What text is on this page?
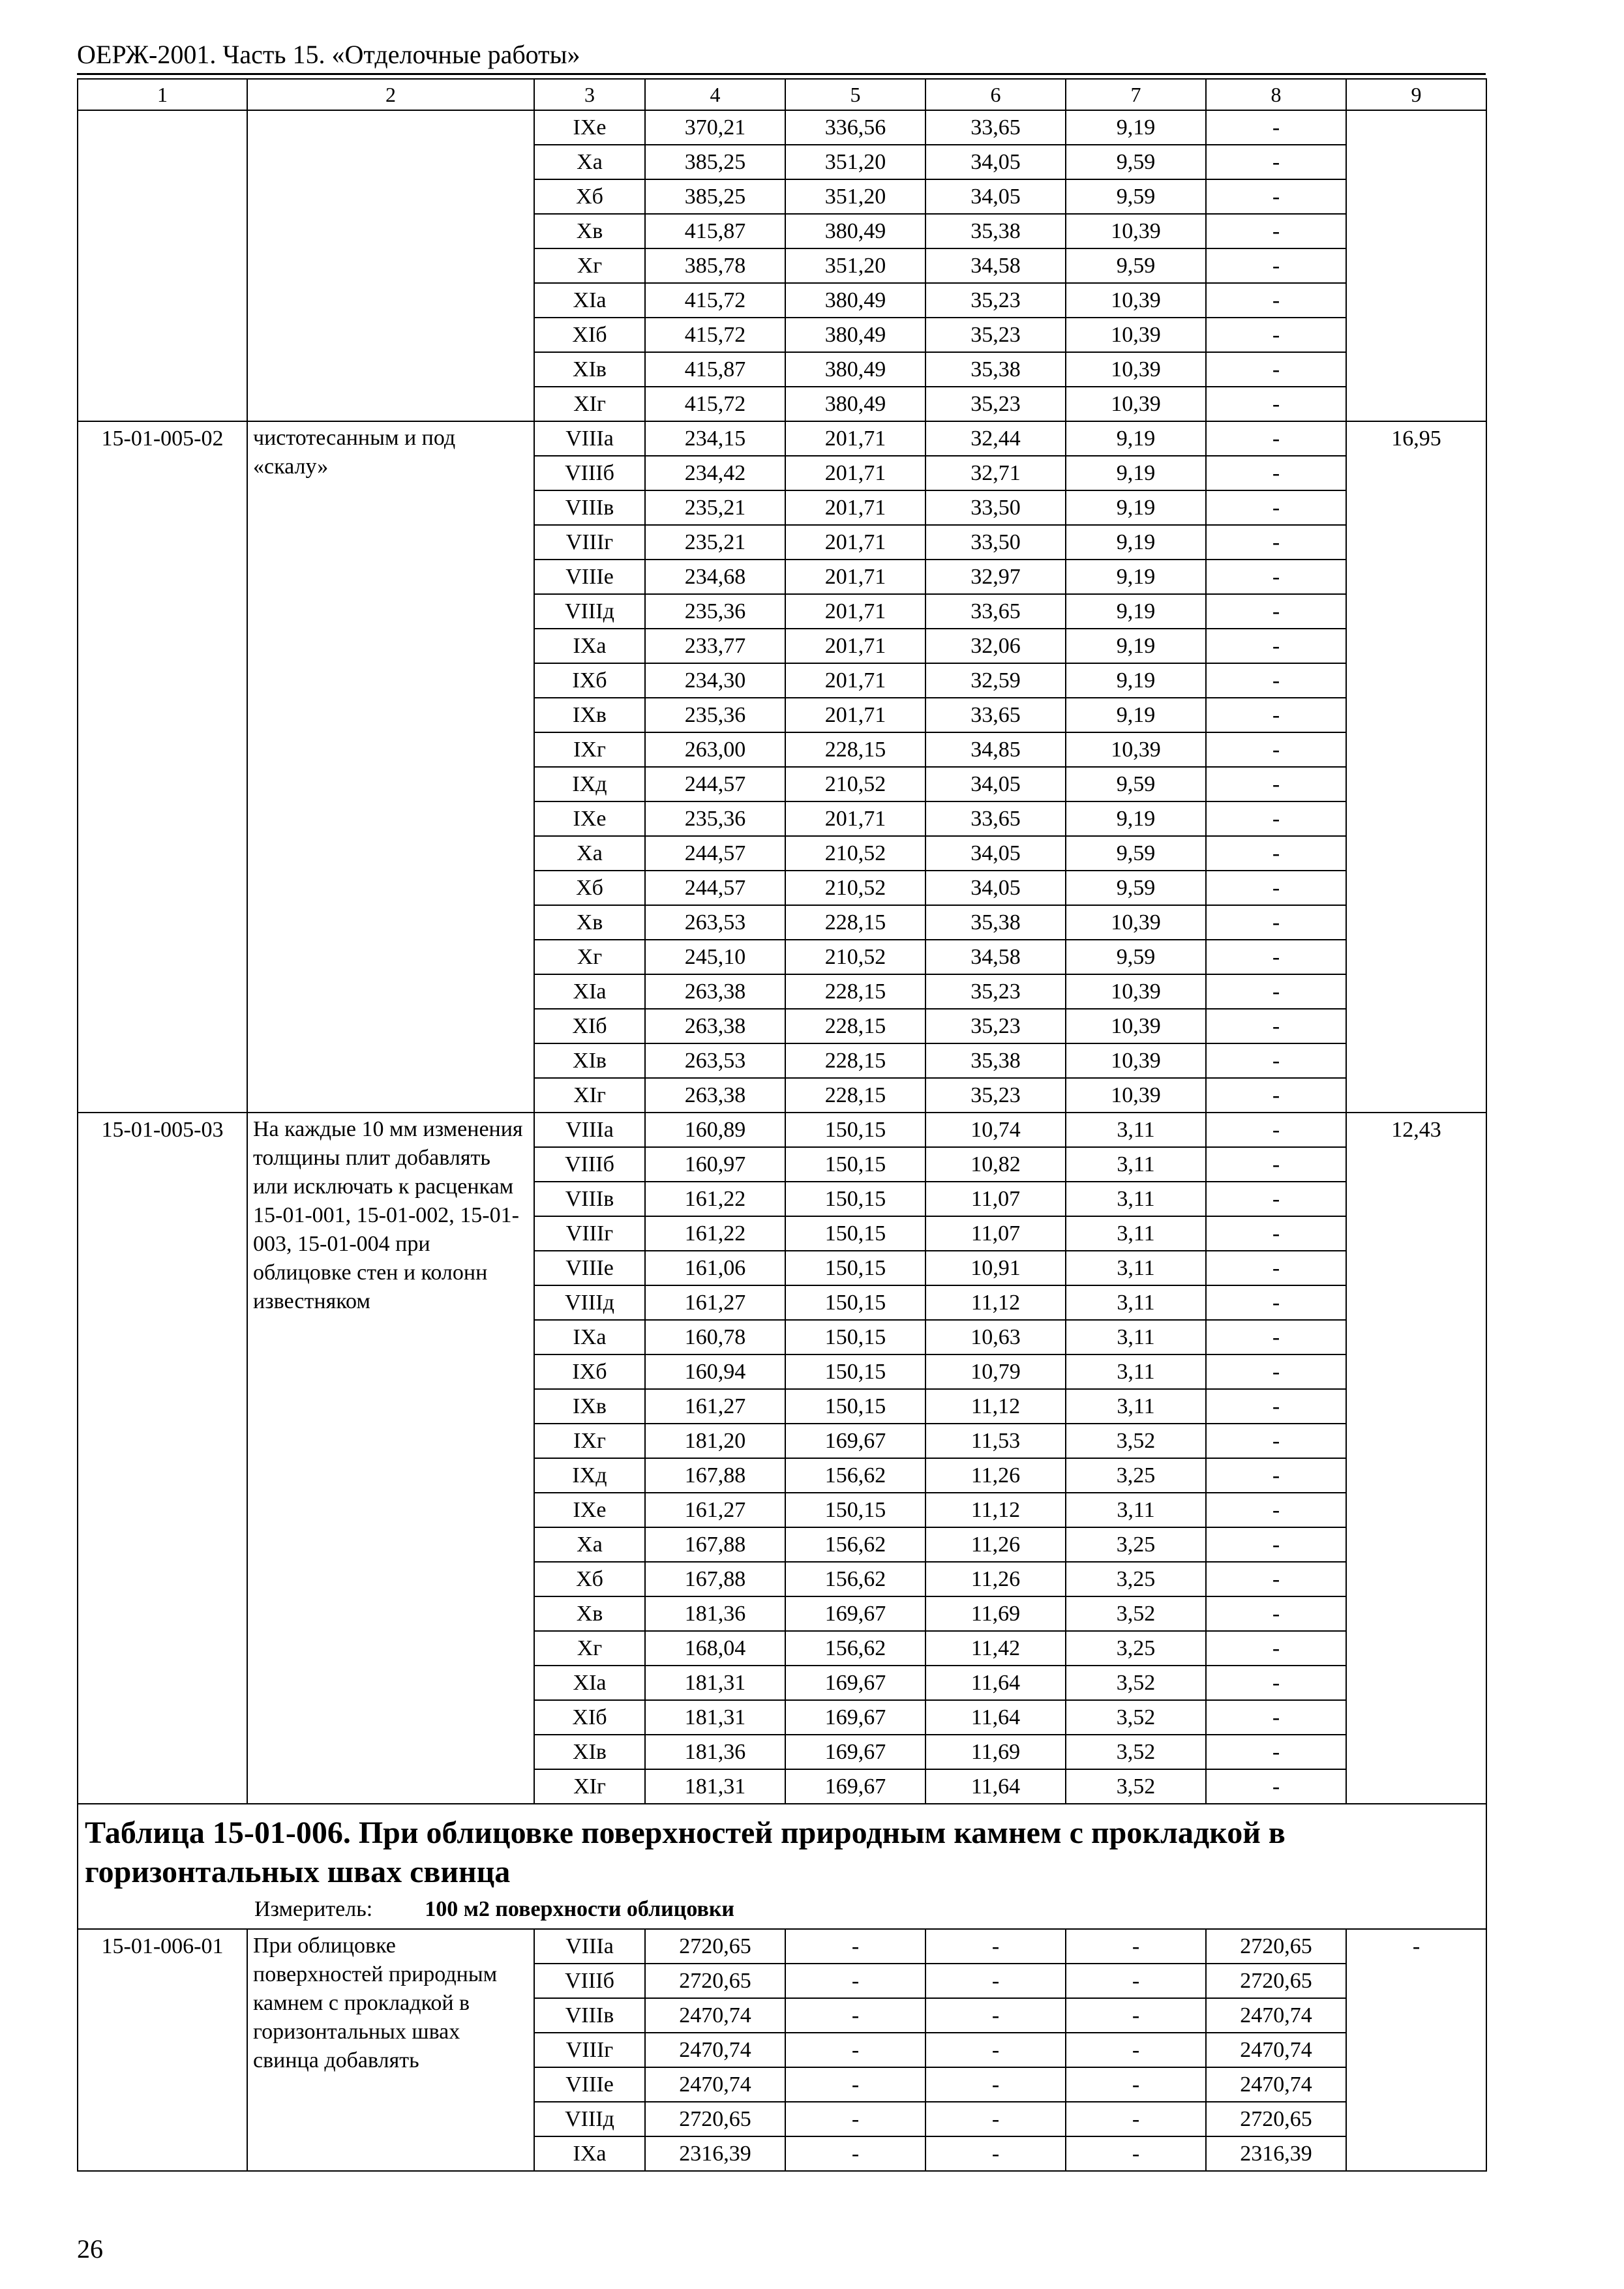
ОЕРЖ-2001. Часть 15. «Отделочные работы»
1	2	3	4	5	6	7	8	9
		IXе	370,21	336,56	33,65	9,19	-	
		Xа	385,25	351,20	34,05	9,59	-	
		Xб	385,25	351,20	34,05	9,59	-	
		Xв	415,87	380,49	35,38	10,39	-	
		Xг	385,78	351,20	34,58	9,59	-	
		XIа	415,72	380,49	35,23	10,39	-	
		XIб	415,72	380,49	35,23	10,39	-	
		XIв	415,87	380,49	35,38	10,39	-	
		XIг	415,72	380,49	35,23	10,39	-	
15-01-005-02	чистотесанным и под «скалу»	VIIIа	234,15	201,71	32,44	9,19	-	16,95
		VIIIб	234,42	201,71	32,71	9,19	-	
		VIIIв	235,21	201,71	33,50	9,19	-	
		VIIIг	235,21	201,71	33,50	9,19	-	
		VIIIе	234,68	201,71	32,97	9,19	-	
		VIIIд	235,36	201,71	33,65	9,19	-	
		IXа	233,77	201,71	32,06	9,19	-	
		IXб	234,30	201,71	32,59	9,19	-	
		IXв	235,36	201,71	33,65	9,19	-	
		IXг	263,00	228,15	34,85	10,39	-	
		IXд	244,57	210,52	34,05	9,59	-	
		IXе	235,36	201,71	33,65	9,19	-	
		Xа	244,57	210,52	34,05	9,59	-	
		Xб	244,57	210,52	34,05	9,59	-	
		Xв	263,53	228,15	35,38	10,39	-	
		Xг	245,10	210,52	34,58	9,59	-	
		XIа	263,38	228,15	35,23	10,39	-	
		XIб	263,38	228,15	35,23	10,39	-	
		XIв	263,53	228,15	35,38	10,39	-	
		XIг	263,38	228,15	35,23	10,39	-	
15-01-005-03	На каждые 10 мм изменения толщины плит добавлять или исключать к расценкам 15-01-001, 15-01-002, 15-01-003, 15-01-004 при облицовке стен и колонн известняком	VIIIа	160,89	150,15	10,74	3,11	-	12,43
		VIIIб	160,97	150,15	10,82	3,11	-	
		VIIIв	161,22	150,15	11,07	3,11	-	
		VIIIг	161,22	150,15	11,07	3,11	-	
		VIIIе	161,06	150,15	10,91	3,11	-	
		VIIIд	161,27	150,15	11,12	3,11	-	
		IXа	160,78	150,15	10,63	3,11	-	
		IXб	160,94	150,15	10,79	3,11	-	
		IXв	161,27	150,15	11,12	3,11	-	
		IXг	181,20	169,67	11,53	3,52	-	
		IXд	167,88	156,62	11,26	3,25	-	
		IXе	161,27	150,15	11,12	3,11	-	
		Xа	167,88	156,62	11,26	3,25	-	
		Xб	167,88	156,62	11,26	3,25	-	
		Xв	181,36	169,67	11,69	3,52	-	
		Xг	168,04	156,62	11,42	3,25	-	
		XIа	181,31	169,67	11,64	3,52	-	
		XIб	181,31	169,67	11,64	3,52	-	
		XIв	181,36	169,67	11,69	3,52	-	
		XIг	181,31	169,67	11,64	3,52	-	

Таблица 15-01-006. При облицовке поверхностей природным камнем с прокладкой в горизонтальных швах свинца
Измеритель: 100 м2 поверхности облицовки								

15-01-006-01	При облицовке поверхностей природным камнем с прокладкой в горизонтальных швах свинца добавлять	VIIIа	2720,65	-	-	-	2720,65	-
		VIIIб	2720,65	-	-	-	2720,65	
		VIIIв	2470,74	-	-	-	2470,74	
		VIIIг	2470,74	-	-	-	2470,74	
		VIIIе	2470,74	-	-	-	2470,74	
		VIIIд	2720,65	-	-	-	2720,65	
		IXа	2316,39	-	-	-	2316,39	
26
